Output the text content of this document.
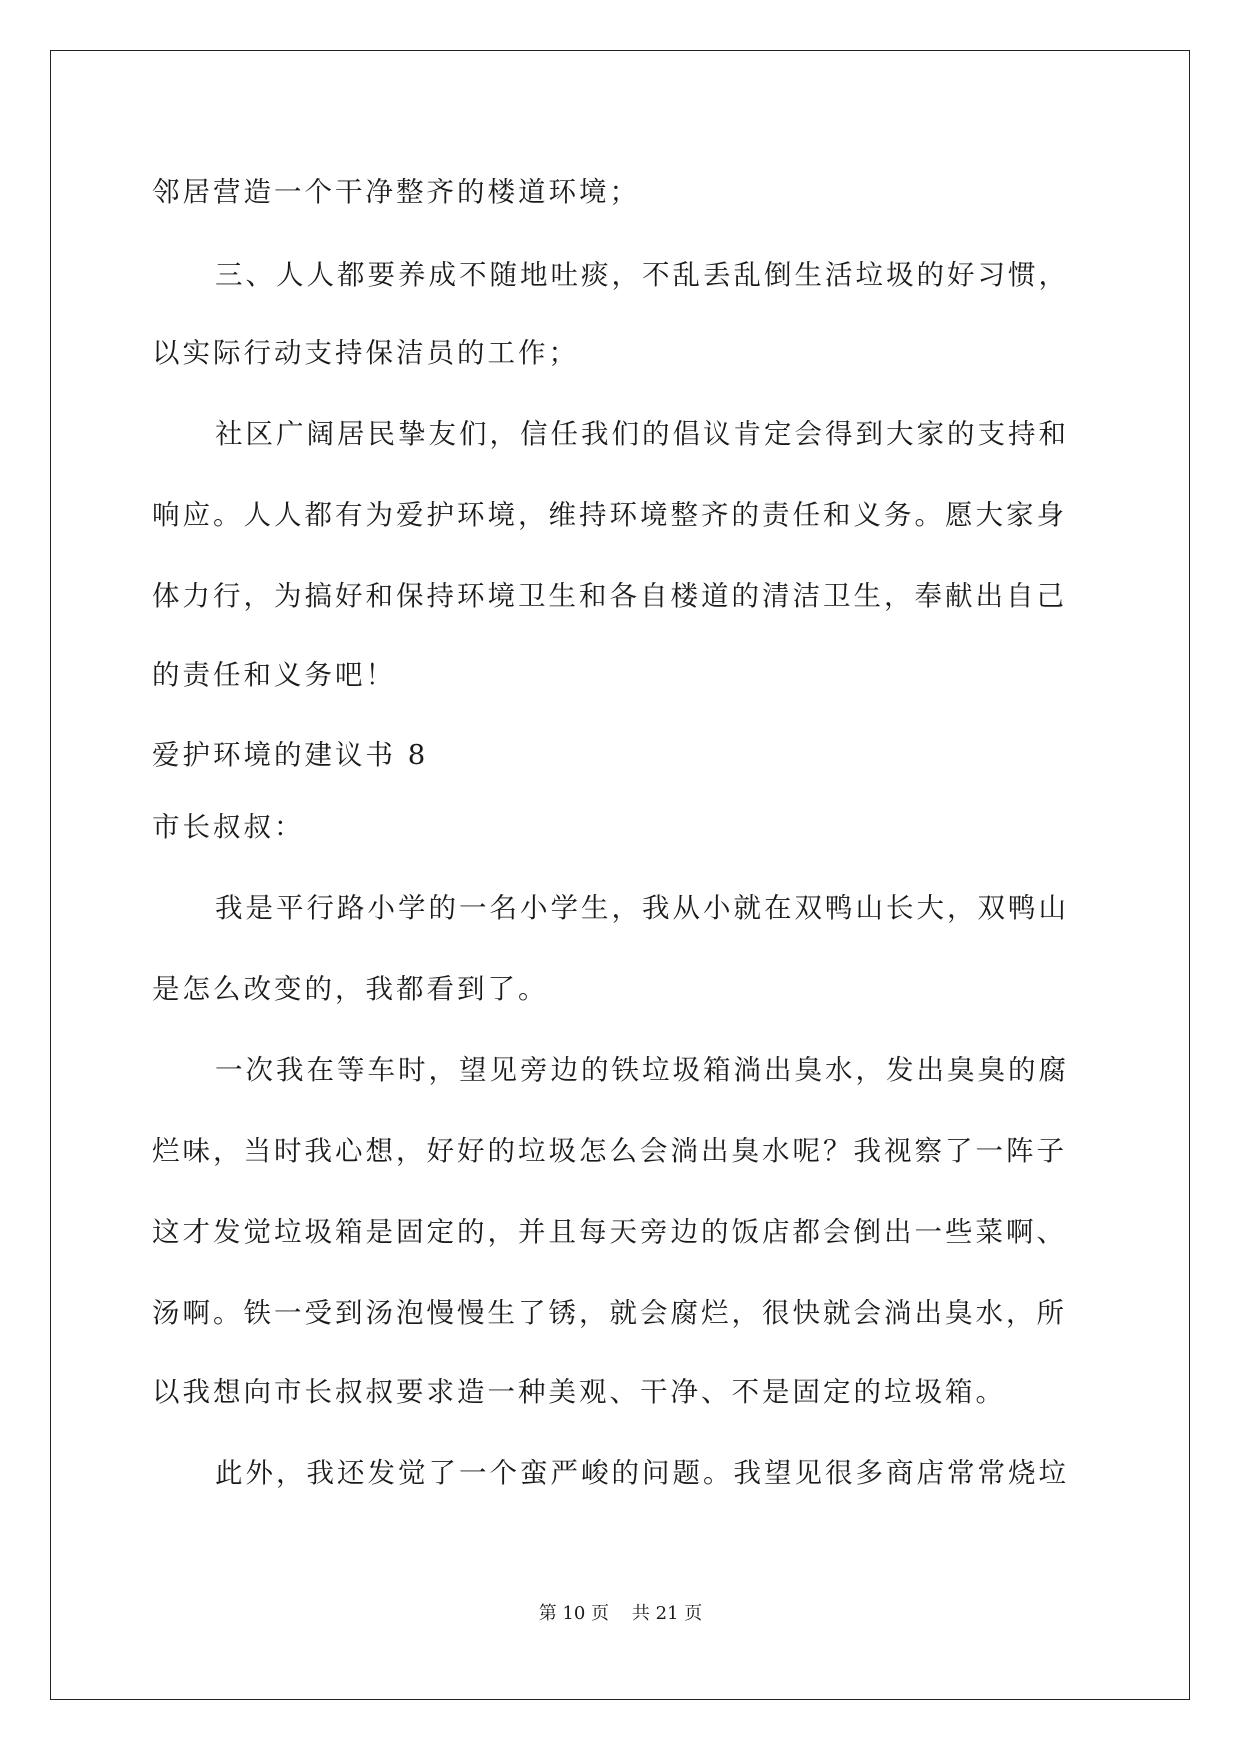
邻居营造一个干净整齐的楼道环境；
三、人人都要养成不随地吐痰，不乱丢乱倒生活垃圾的好习惯，
以实际行动支持保洁员的工作；
社区广阔居民挚友们，信任我们的倡议肯定会得到大家的支持和
响应。人人都有为爱护环境，维持环境整齐的责任和义务。愿大家身
体力行，为搞好和保持环境卫生和各自楼道的清洁卫生，奉献出自己
的责任和义务吧！
爱护环境的建议书 8
市长叔叔：
我是平行路小学的一名小学生，我从小就在双鸭山长大，双鸭山
是怎么改变的，我都看到了。
一次我在等车时，望见旁边的铁垃圾箱淌出臭水，发出臭臭的腐
烂味，当时我心想，好好的垃圾怎么会淌出臭水呢？我视察了一阵子
这才发觉垃圾箱是固定的，并且每天旁边的饭店都会倒出一些菜啊、
汤啊。铁一受到汤泡慢慢生了锈，就会腐烂，很快就会淌出臭水，所
以我想向市长叔叔要求造一种美观、干净、不是固定的垃圾箱。
此外，我还发觉了一个蛮严峻的问题。我望见很多商店常常烧垃
第 10 页    共 21 页
